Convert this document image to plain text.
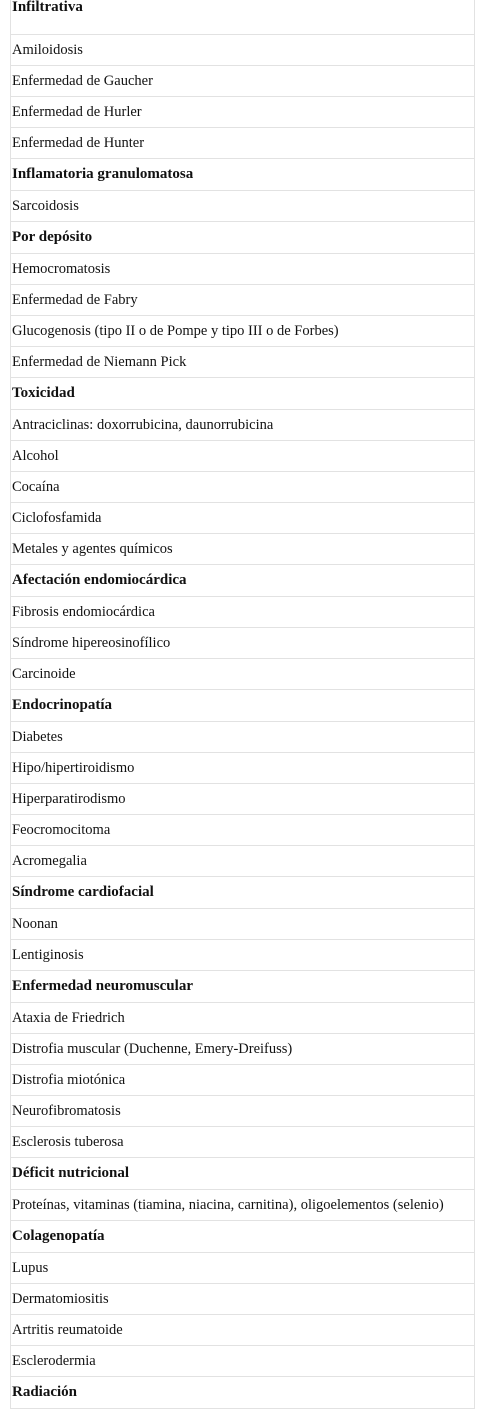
Infiltrativa
Amiloidosis
Enfermedad de Gaucher
Enfermedad de Hurler
Enfermedad de Hunter
Inflamatoria granulomatosa
Sarcoidosis
Por depósito
Hemocromatosis
Enfermedad de Fabry
Glucogenosis (tipo II o de Pompe y tipo III o de Forbes)
Enfermedad de Niemann Pick
Toxicidad
Antraciclinas: doxorrubicina, daunorrubicina
Alcohol
Cocaína
Ciclofosfamida
Metales y agentes químicos
Afectación endomiocárdica
Fibrosis endomiocárdica
Síndrome hipereosinofílico
Carcinoide
Endocrinopatía
Diabetes
Hipo/hipertiroidismo
Hiperparatirodismo
Feocromocitoma
Acromegalia
Síndrome cardiofacial
Noonan
Lentiginosis
Enfermedad neuromuscular
Ataxia de Friedrich
Distrofia muscular (Duchenne, Emery-Dreifuss)
Distrofia miotónica
Neurofibromatosis
Esclerosis tuberosa
Déficit nutricional
Proteínas, vitaminas (tiamina, niacina, carnitina), oligoelementos (selenio)
Colagenopatía
Lupus
Dermatomiositis
Artritis reumatoide
Esclerodermia
Radiación
